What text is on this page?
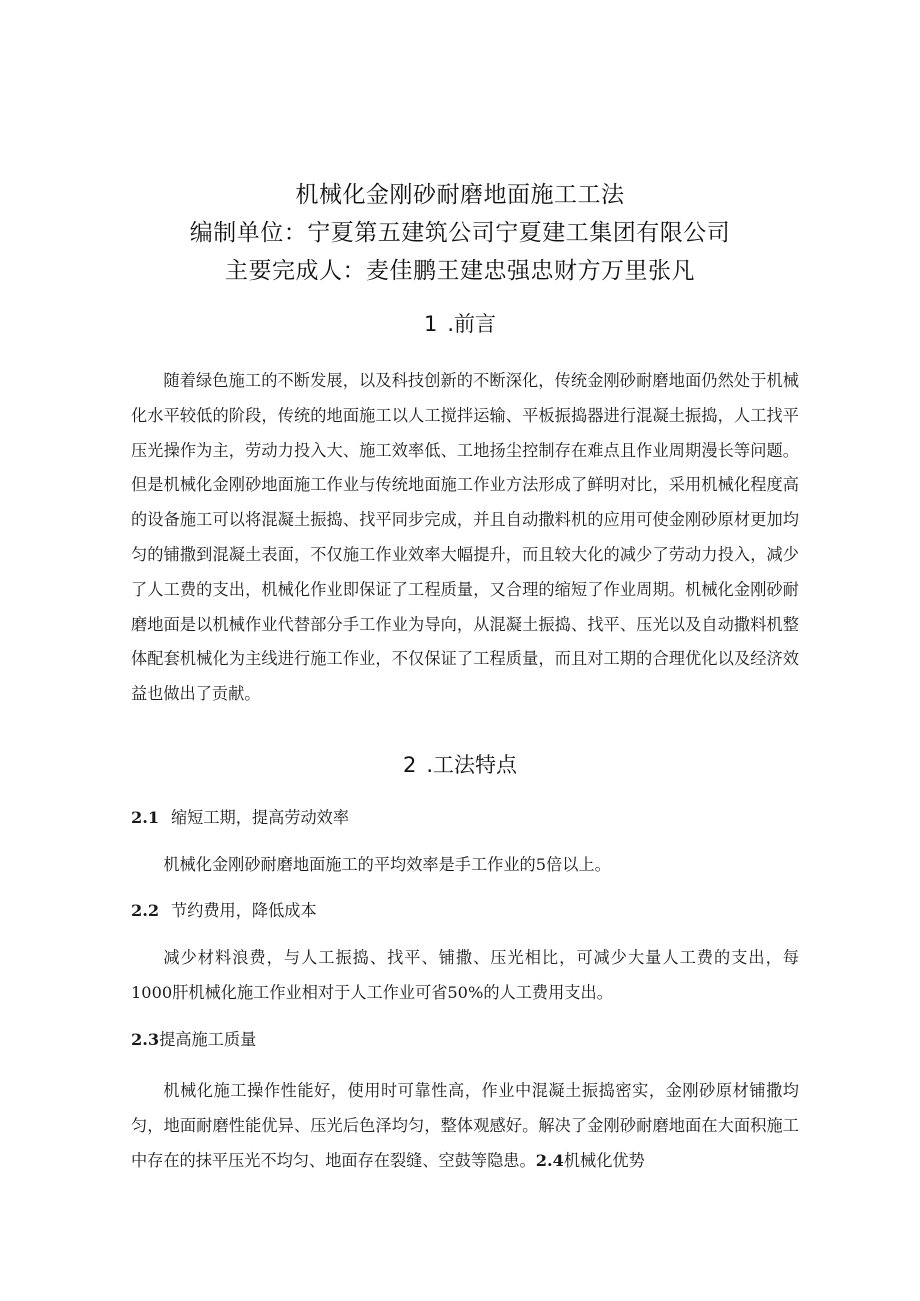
机械化金刚砂耐磨地面施工工法
编制单位：宁夏第五建筑公司宁夏建工集团有限公司
主要完成人：麦佳鹏王建忠强忠财方万里张凡
1 .前言
随着绿色施工的不断发展，以及科技创新的不断深化，传统金刚砂耐磨地面仍然处于机械化水平较低的阶段，传统的地面施工以人工搅拌运输、平板振捣器进行混凝土振捣，人工找平压光操作为主，劳动力投入大、施工效率低、工地扬尘控制存在难点且作业周期漫长等问题。但是机械化金刚砂地面施工作业与传统地面施工作业方法形成了鲜明对比，采用机械化程度高的设备施工可以将混凝土振捣、找平同步完成，并且自动撒料机的应用可使金刚砂原材更加均匀的铺撒到混凝土表面，不仅施工作业效率大幅提升，而且较大化的减少了劳动力投入，减少了人工费的支出，机械化作业即保证了工程质量，又合理的缩短了作业周期。机械化金刚砂耐磨地面是以机械作业代替部分手工作业为导向，从混凝土振捣、找平、压光以及自动撒料机整体配套机械化为主线进行施工作业，不仅保证了工程质量，而且对工期的合理优化以及经济效益也做出了贡献。
2 .工法特点
2.1 缩短工期，提高劳动效率
机械化金刚砂耐磨地面施工的平均效率是手工作业的5倍以上。
2.2 节约费用，降低成本
减少材料浪费，与人工振捣、找平、铺撒、压光相比，可减少大量人工费的支出，每1000肝机械化施工作业相对于人工作业可省50%的人工费用支出。
2.3提高施工质量
机械化施工操作性能好，使用时可靠性高，作业中混凝土振捣密实，金刚砂原材铺撒均匀，地面耐磨性能优异、压光后色泽均匀，整体观感好。解决了金刚砂耐磨地面在大面积施工中存在的抹平压光不均匀、地面存在裂缝、空鼓等隐患。2.4机械化优势
